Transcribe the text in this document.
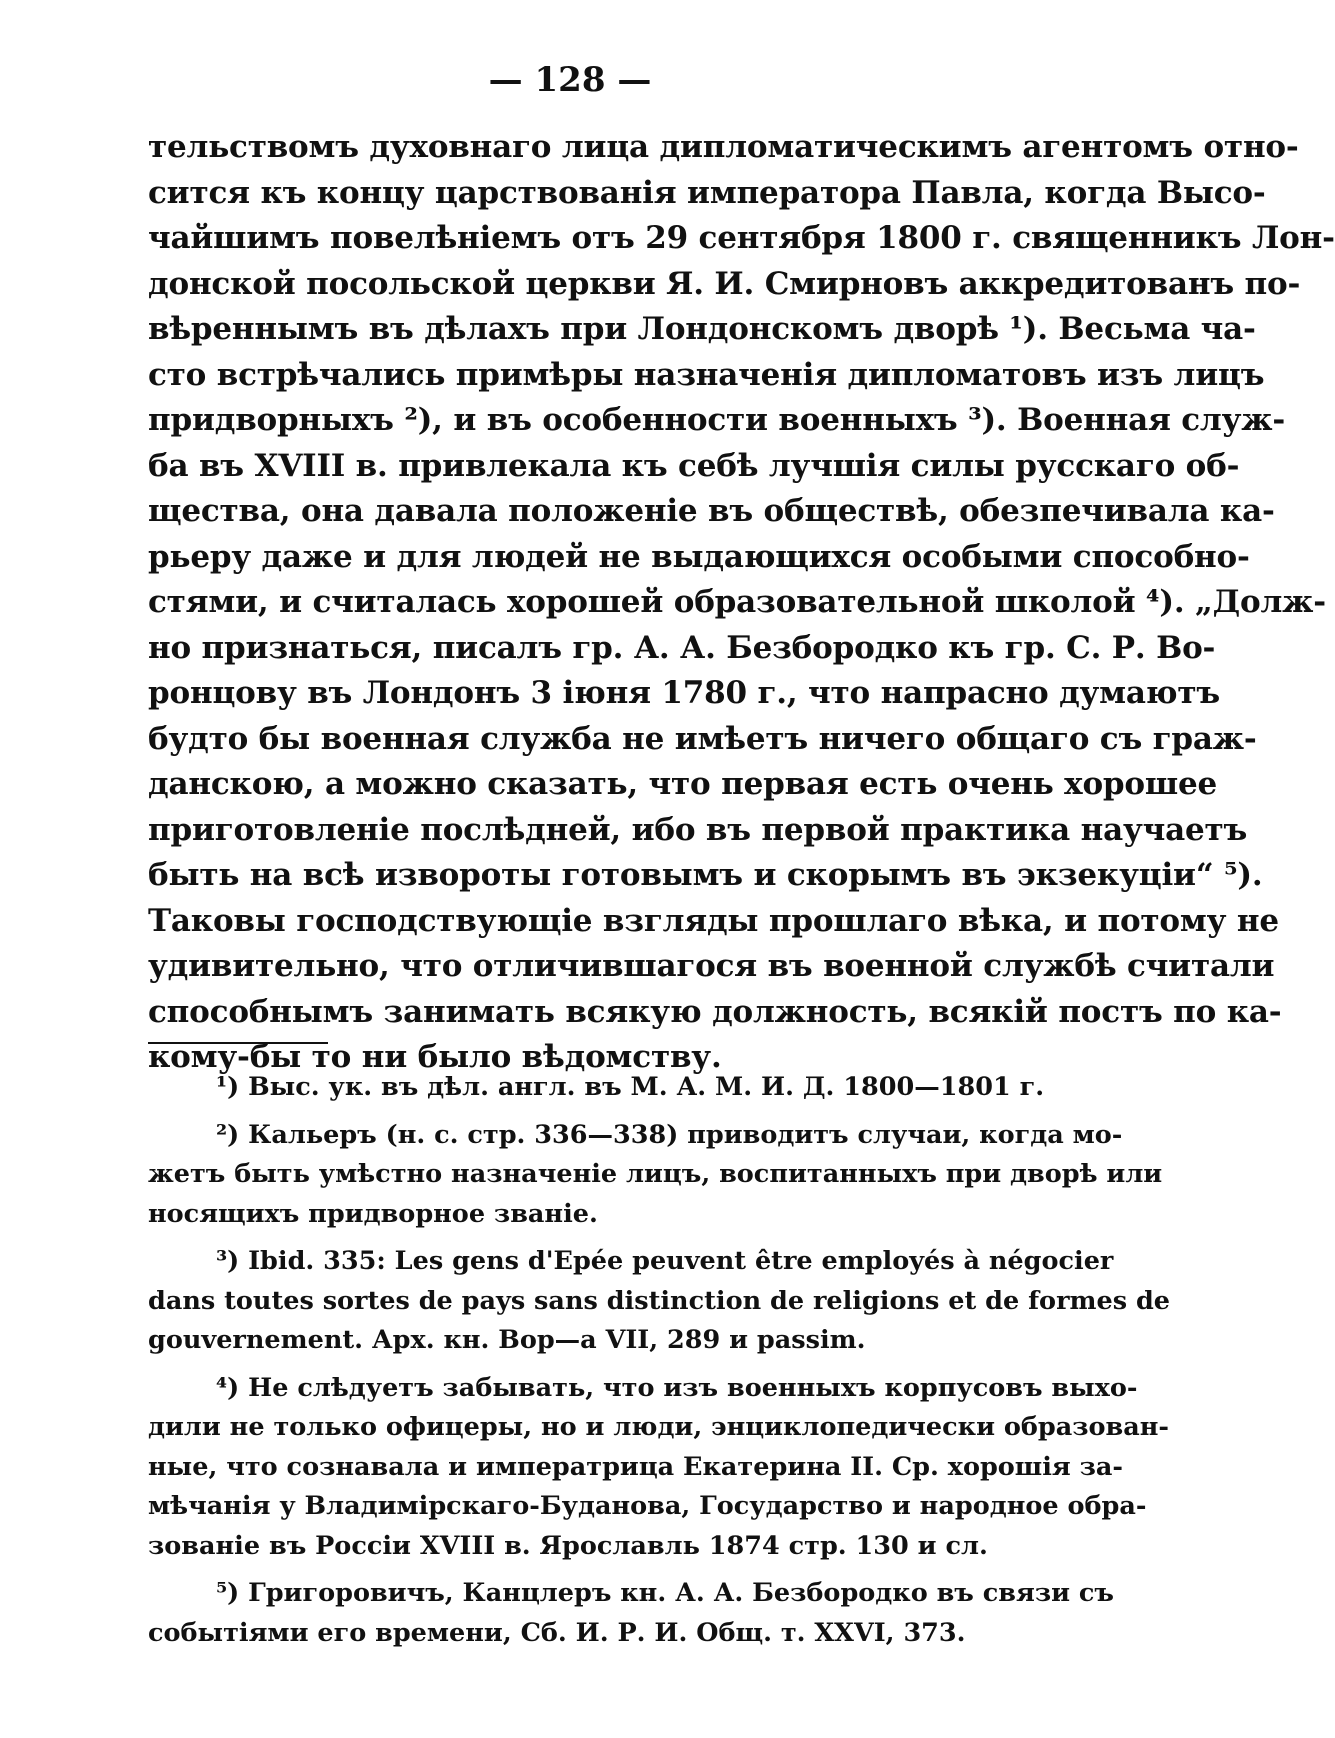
— 128 —
тельствомъ духовнаго лица дипломатическимъ агентомъ отно-
сится къ концу царствованія императора Павла, когда Высо-
чайшимъ повелѣніемъ отъ 29 сентября 1800 г. священникъ Лон-
донской посольской церкви Я. И. Смирновъ аккредитованъ по-
вѣреннымъ въ дѣлахъ при Лондонскомъ дворѣ ¹). Весьма ча-
сто встрѣчались примѣры назначенія дипломатовъ изъ лицъ
придворныхъ ²), и въ особенности военныхъ ³). Военная служ-
ба въ XVIII в. привлекала къ себѣ лучшія силы русскаго об-
щества, она давала положеніе въ обществѣ, обезпечивала ка-
рьеру даже и для людей не выдающихся особыми способно-
стями, и считалась хорошей образовательной школой ⁴). „Долж-
но признаться, писалъ гр. А. А. Безбородко къ гр. С. Р. Во-
ронцову въ Лондонъ 3 іюня 1780 г., что напрасно думаютъ
будто бы военная служба не имѣетъ ничего общаго съ граж-
данскою, а можно сказать, что первая есть очень хорошее
приготовленіе послѣдней, ибо въ первой практика научаетъ
быть на всѣ извороты готовымъ и скорымъ въ экзекуціи“ ⁵).
Таковы господствующіе взгляды прошлаго вѣка, и потому не
удивительно, что отличившагося въ военной службѣ считали
способнымъ занимать всякую должность, всякій постъ по ка-
кому-бы то ни было вѣдомству.
¹) Выс. ук. въ дѣл. англ. въ М. А. М. И. Д. 1800—1801 г.
²) Кальеръ (н. с. стр. 336—338) приводитъ случаи, когда мо-
жетъ быть умѣстно назначеніе лицъ, воспитанныхъ при дворѣ или
носящихъ придворное званіе.
³) Ibid. 335: Les gens d'Epée peuvent être employés à négocier
dans toutes sortes de pays sans distinction de religions et de formes de
gouvernement. Арх. кн. Вор—а VII, 289 и passim.
⁴) Не слѣдуетъ забывать, что изъ военныхъ корпусовъ выхо-
дили не только офицеры, но и люди, энциклопедически образован-
ные, что сознавала и императрица Екатерина II. Ср. хорошія за-
мѣчанія у Владимірскаго-Буданова, Государство и народное обра-
зованіе въ Россіи XVIII в. Ярославль 1874 стр. 130 и сл.
⁵) Григоровичъ, Канцлеръ кн. А. А. Безбородко въ связи съ
событіями его времени, Сб. И. Р. И. Общ. т. XXVI, 373.
